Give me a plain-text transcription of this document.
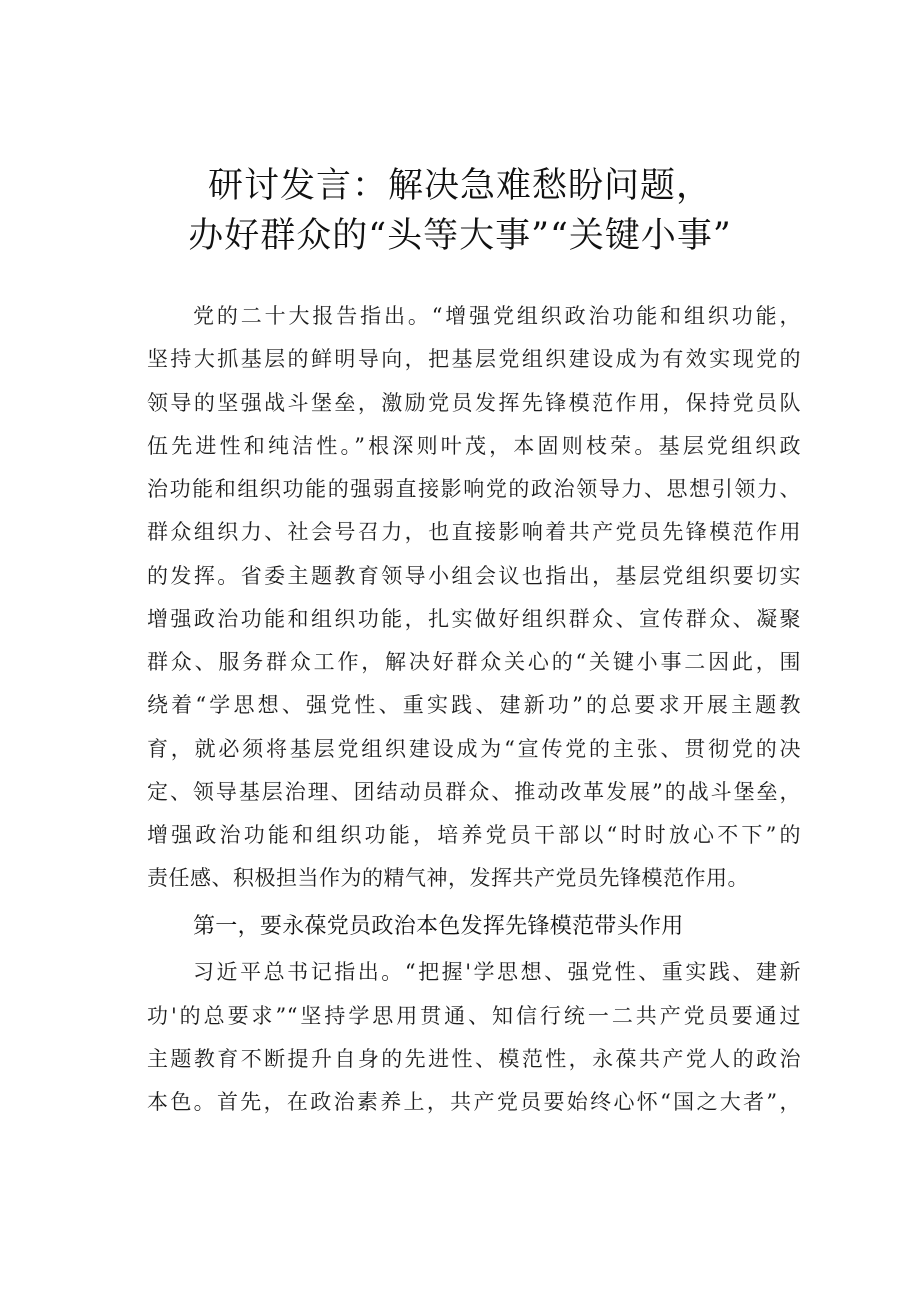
研讨发言：解决急难愁盼问题，
办好群众的“头等大事”“关键小事”
党的二十大报告指出。“增强党组织政治功能和组织功能，
坚持大抓基层的鲜明导向，把基层党组织建设成为有效实现党的
领导的坚强战斗堡垒，激励党员发挥先锋模范作用，保持党员队
伍先进性和纯洁性。”根深则叶茂，本固则枝荣。基层党组织政
治功能和组织功能的强弱直接影响党的政治领导力、思想引领力、
群众组织力、社会号召力，也直接影响着共产党员先锋模范作用
的发挥。省委主题教育领导小组会议也指出，基层党组织要切实
增强政治功能和组织功能，扎实做好组织群众、宣传群众、凝聚
群众、服务群众工作，解决好群众关心的“关键小事二因此，围
绕着“学思想、强党性、重实践、建新功”的总要求开展主题教
育，就必须将基层党组织建设成为“宣传党的主张、贯彻党的决
定、领导基层治理、团结动员群众、推动改革发展”的战斗堡垒，
增强政治功能和组织功能，培养党员干部以“时时放心不下”的
责任感、积极担当作为的精气神，发挥共产党员先锋模范作用。
第一，要永葆党员政治本色发挥先锋模范带头作用
习近平总书记指出。“把握'学思想、强党性、重实践、建新
功'的总要求”“坚持学思用贯通、知信行统一二共产党员要通过
主题教育不断提升自身的先进性、模范性，永葆共产党人的政治
本色。首先，在政治素养上，共产党员要始终心怀“国之大者”，
